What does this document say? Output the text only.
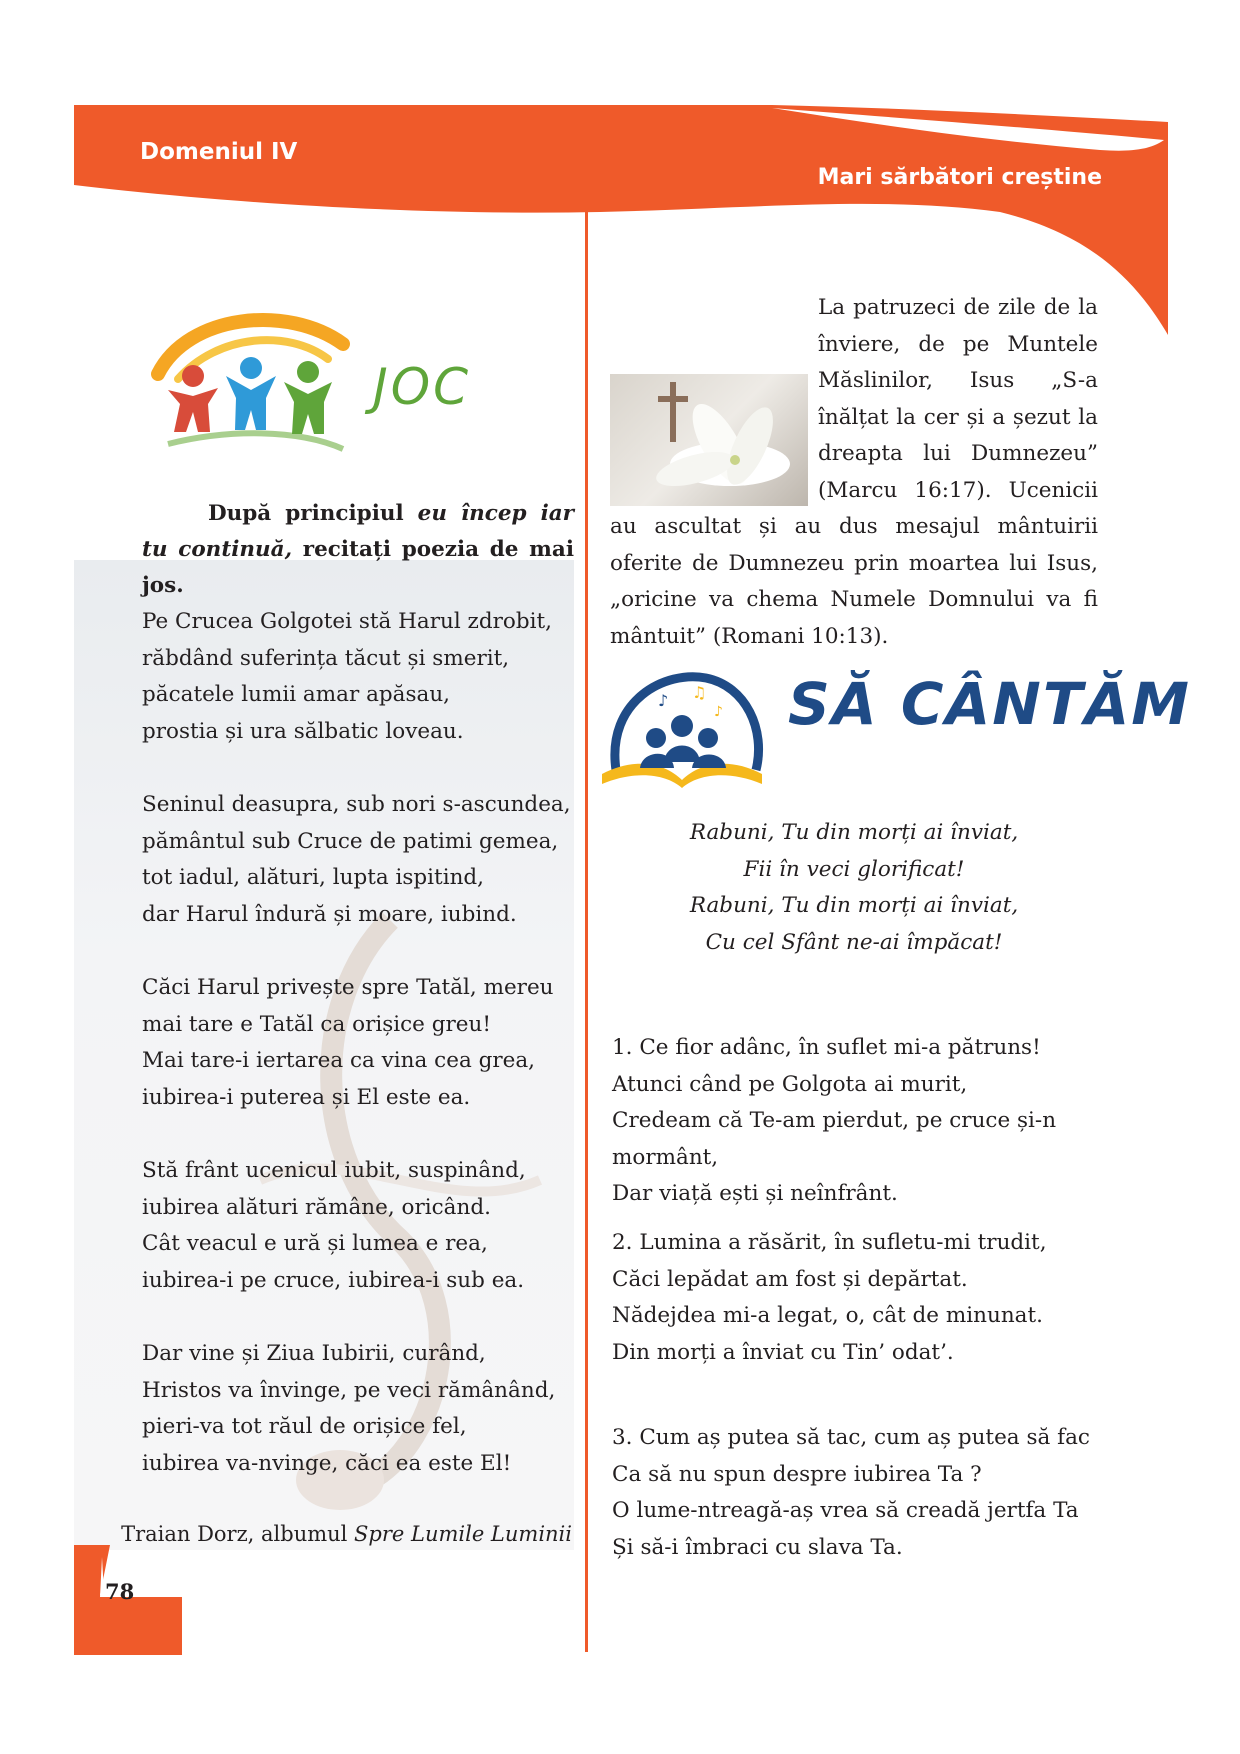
Domeniul IV
Mari sărbători creștine
JOC
După principiul eu încep iar tu continuă, recitați poezia de mai jos.
Pe Crucea Golgotei stă Harul zdrobit,
răbdând suferința tăcut și smerit,
păcatele lumii amar apăsau,
prostia și ura sălbatic loveau.
Seninul deasupra, sub nori s-ascundea,
pământul sub Cruce de patimi gemea,
tot iadul, alături, lupta ispitind,
dar Harul îndură și moare, iubind.
Căci Harul privește spre Tatăl, mereu
mai tare e Tatăl ca orișice greu!
Mai tare-i iertarea ca vina cea grea,
iubirea-i puterea și El este ea.
Stă frânt ucenicul iubit, suspinând,
iubirea alături rămâne, oricând.
Cât veacul e ură și lumea e rea,
iubirea-i pe cruce, iubirea-i sub ea.
Dar vine și Ziua Iubirii, curând,
Hristos va învinge, pe veci rămânând,
pieri-va tot răul de orișice fel,
iubirea va-nvinge, căci ea este El!
Traian Dorz, albumul Spre Lumile Luminii
La patruzeci de zile de la înviere, de pe Muntele Măslinilor, Isus „S-a înălțat la cer și a șezut la dreapta lui Dumnezeu” (Marcu 16:17). Ucenicii au ascultat și au dus mesajul mântuirii oferite de Dumnezeu prin moartea lui Isus, „oricine va chema Numele Domnului va fi mântuit” (Romani 10:13).
♪ ♫
♪ SĂ CÂNTĂM
Rabuni, Tu din morți ai înviat,
Fii în veci glorificat!
Rabuni, Tu din morți ai înviat,
Cu cel Sfânt ne-ai împăcat!
1. Ce fior adânc, în suflet mi-a pătruns!
Atunci când pe Golgota ai murit,
Credeam că Te-am pierdut, pe cruce și-n mormânt,
Dar viață ești și neînfrânt.
2. Lumina a răsărit, în sufletu-mi trudit,
Căci lepădat am fost și depărtat.
Nădejdea mi-a legat, o, cât de minunat.
Din morți a înviat cu Tin’ odat’.
3. Cum aș putea să tac, cum aș putea să fac
Ca să nu spun despre iubirea Ta ?
O lume-ntreagă-aș vrea să creadă jertfa Ta
Și să-i îmbraci cu slava Ta.
78
